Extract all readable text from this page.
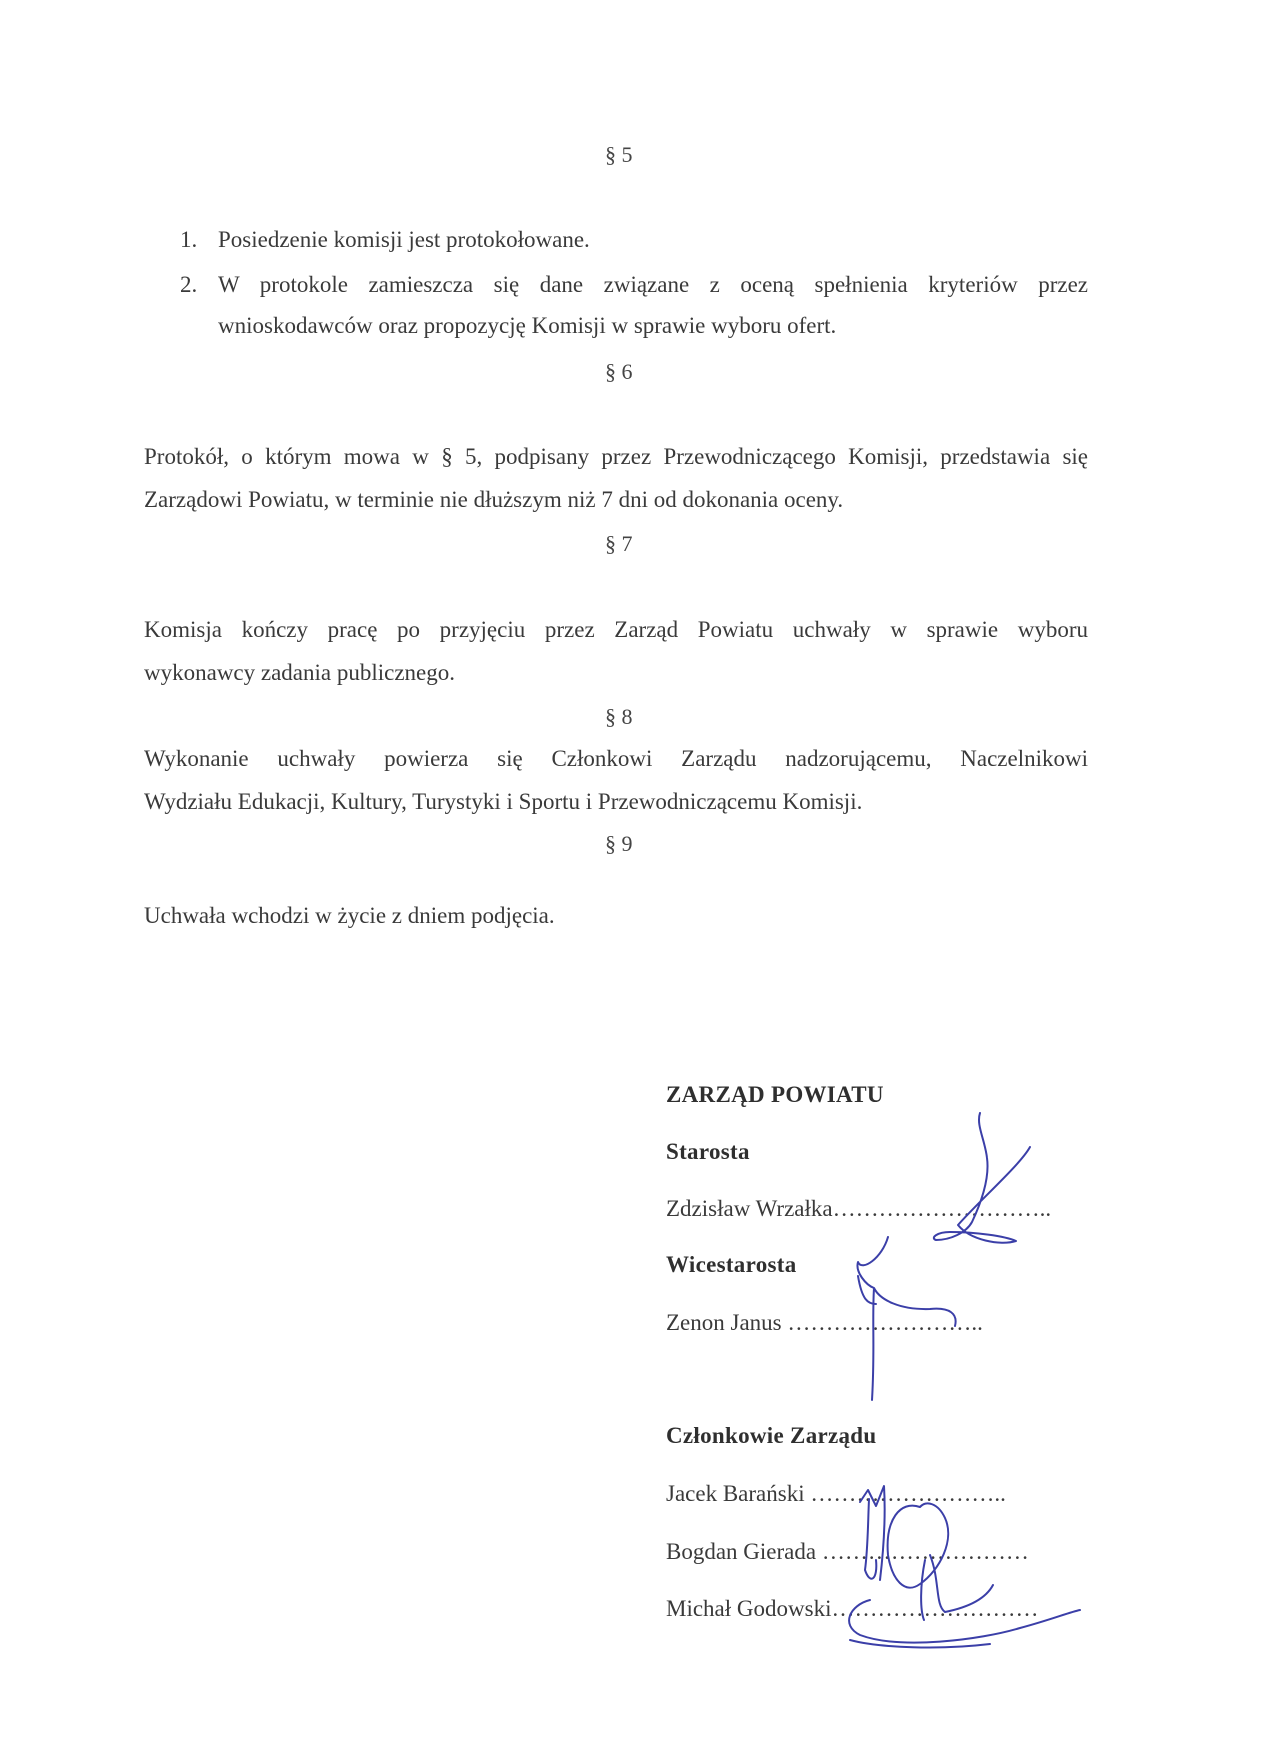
§ 5

1. Posiedzenie komisji jest protokołowane.

2. W protokole zamieszcza się dane związane z oceną spełnienia kryteriów przez

wnioskodawców oraz propozycję Komisji w sprawie wyboru ofert.

§ 6

Protokół, o którym mowa w § 5, podpisany przez Przewodniczącego Komisji, przedstawia się

Zarządowi Powiatu, w terminie nie dłuższym niż 7 dni od dokonania oceny.

§ 7

Komisja kończy pracę po przyjęciu przez Zarząd Powiatu uchwały w sprawie wyboru

wykonawcy zadania publicznego.

§ 8

Wykonanie uchwały powierza się Członkowi Zarządu nadzorującemu, Naczelnikowi

Wydziału Edukacji, Kultury, Turystyki i Sportu i Przewodniczącemu Komisji.

§ 9

Uchwała wchodzi w życie z dniem podjęcia.

ZARZĄD POWIATU

Starosta

Zdzisław Wrzałka………………………..

Wicestarosta

Zenon Janus ……………………..

Członkowie Zarządu

Jacek Barański ……………………..

Bogdan Gierada ………………………

Michał Godowski………………………
